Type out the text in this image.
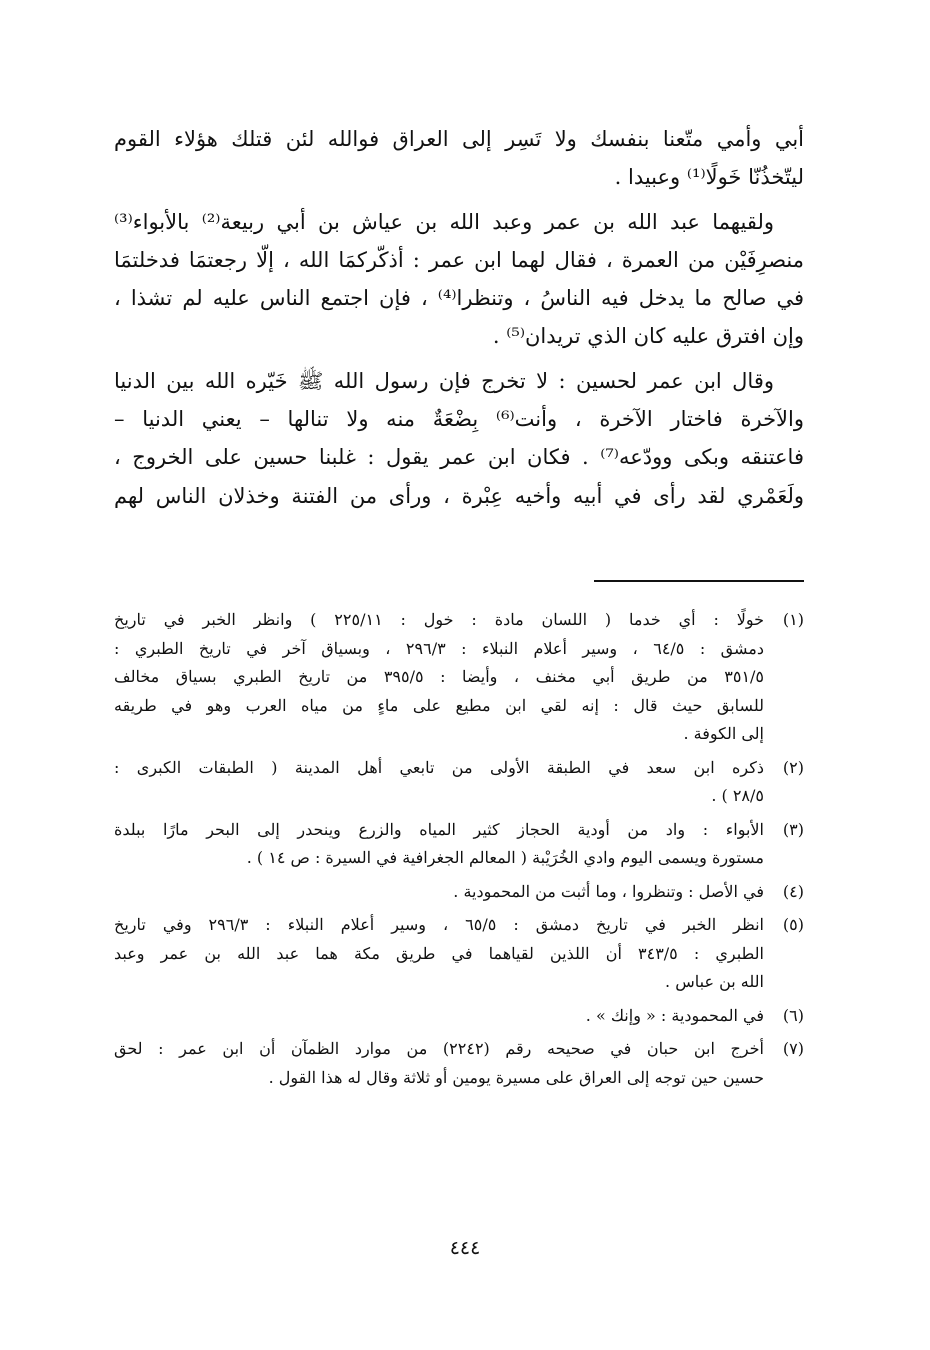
أبي وأمي متّعنا بنفسك ولا تَسِر إلى العراق فوالله لئن قتلك هؤلاء القوم
ليتّخذُنّا خَولًا⁽¹⁾ وعبيدا .

ولقيهما عبد الله بن عمر وعبد الله بن عياش بن أبي ربيعة⁽²⁾ بالأبواء⁽³⁾
منصرِفَيْن من العمرة ، فقال لهما ابن عمر : أذكّركمَا الله ، إلّا رجعتمَا فدخلتمَا
في صالح ما يدخل فيه الناسُ ، وتنظرا⁽⁴⁾ ، فإن اجتمع الناس عليه لم تشذا ،
وإن افترق عليه كان الذي تريدان⁽⁵⁾ .

وقال ابن عمر لحسين : لا تخرج فإن رسول الله ﷺ خَيّره الله بين الدنيا
والآخرة فاختار الآخرة ، وأنت⁽⁶⁾ بِضْعَةٌ منه ولا تنالها – يعني الدنيا –
فاعتنقه وبكى وودّعه⁽⁷⁾ . فكان ابن عمر يقول : غلبنا حسين على الخروج ،
ولَعَمْري لقد رأى في أبيه وأخيه عِبْرة ، ورأى من الفتنة وخذلان الناس لهم

(١)
خولًا : أي خدما ( اللسان مادة : خول : ٢٢٥/١١ ) وانظر الخبر في تاريخ
دمشق : ٦٤/٥ ، وسير أعلام النبلاء : ٢٩٦/٣ ، وبسياق آخر في تاريخ الطبري :
٣٥١/٥ من طريق أبي مخنف ، وأيضا : ٣٩٥/٥ من تاريخ الطبري بسياق مخالف
للسابق حيث قال : إنه لقي ابن مطيع على ماءٍ من مياه العرب وهو في طريقه
إلى الكوفة .
(٢)
ذكره ابن سعد في الطبقة الأولى من تابعي أهل المدينة ( الطبقات الكبرى :
٢٨/٥ ) .
(٣)
الأبواء : واد من أودية الحجاز كثير المياه والزرع وينحدر إلى البحر مارًا ببلدة
مستورة ويسمى اليوم وادي الخُرَيْبة ( المعالم الجغرافية في السيرة : ص ١٤ ) .
(٤)
في الأصل : وتنظروا ، وما أثبت من المحمودية .
(٥)
انظر الخبر في تاريخ دمشق : ٦٥/٥ ، وسير أعلام النبلاء : ٢٩٦/٣ وفي تاريخ
الطبري : ٣٤٣/٥ أن اللذين لقياهما في طريق مكة هما عبد الله بن عمر وعبد
الله بن عباس .
(٦)
في المحمودية : « وإنك » .
(٧)
أخرج ابن حبان في صحيحه رقم (٢٢٤٢) من موارد الظمآن أن ابن عمر : لحق
حسين حين توجه إلى العراق على مسيرة يومين أو ثلاثة وقال له هذا القول .
٤٤٤
